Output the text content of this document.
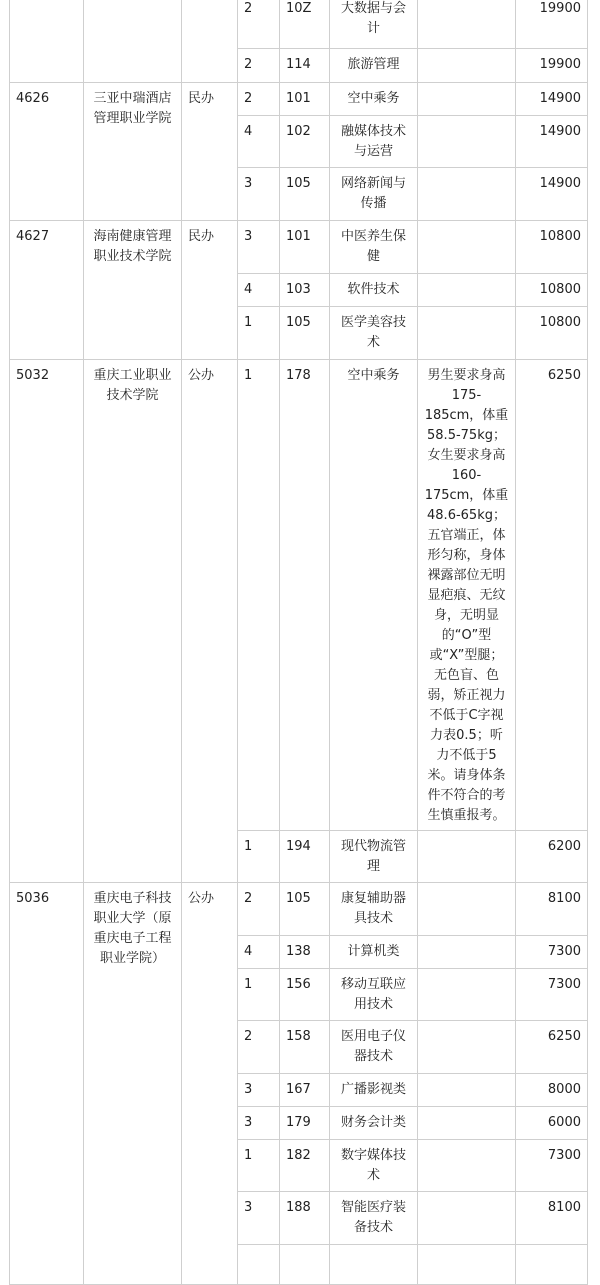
			2	10Z	大数据与会计		19900
			2	114	旅游管理		19900
4626	三亚中瑞酒店管理职业学院	民办	2	101	空中乘务		14900
			4	102	融媒体技术与运营		14900
			3	105	网络新闻与传播		14900
4627	海南健康管理职业技术学院	民办	3	101	中医养生保健		10800
			4	103	软件技术		10800
			1	105	医学美容技术		10800
5032	重庆工业职业技术学院	公办	1	178	空中乘务	男生要求身高175-185cm，体重58.5-75kg；女生要求身高160-175cm，体重48.6-65kg；五官端正，体形匀称，身体裸露部位无明显疤痕、无纹身，无明显的“O”型或“X”型腿；无色盲、色弱，矫正视力不低于C字视力表0.5；听力不低于5米。请身体条件不符合的考生慎重报考。	6250
			1	194	现代物流管理		6200
5036	重庆电子科技职业大学（原重庆电子工程职业学院）	公办	2	105	康复辅助器具技术		8100
			4	138	计算机类		7300
			1	156	移动互联应用技术		7300
			2	158	医用电子仪器技术		6250
			3	167	广播影视类		8000
			3	179	财务会计类		6000
			1	182	数字媒体技术		7300
			3	188	智能医疗装备技术		8100
